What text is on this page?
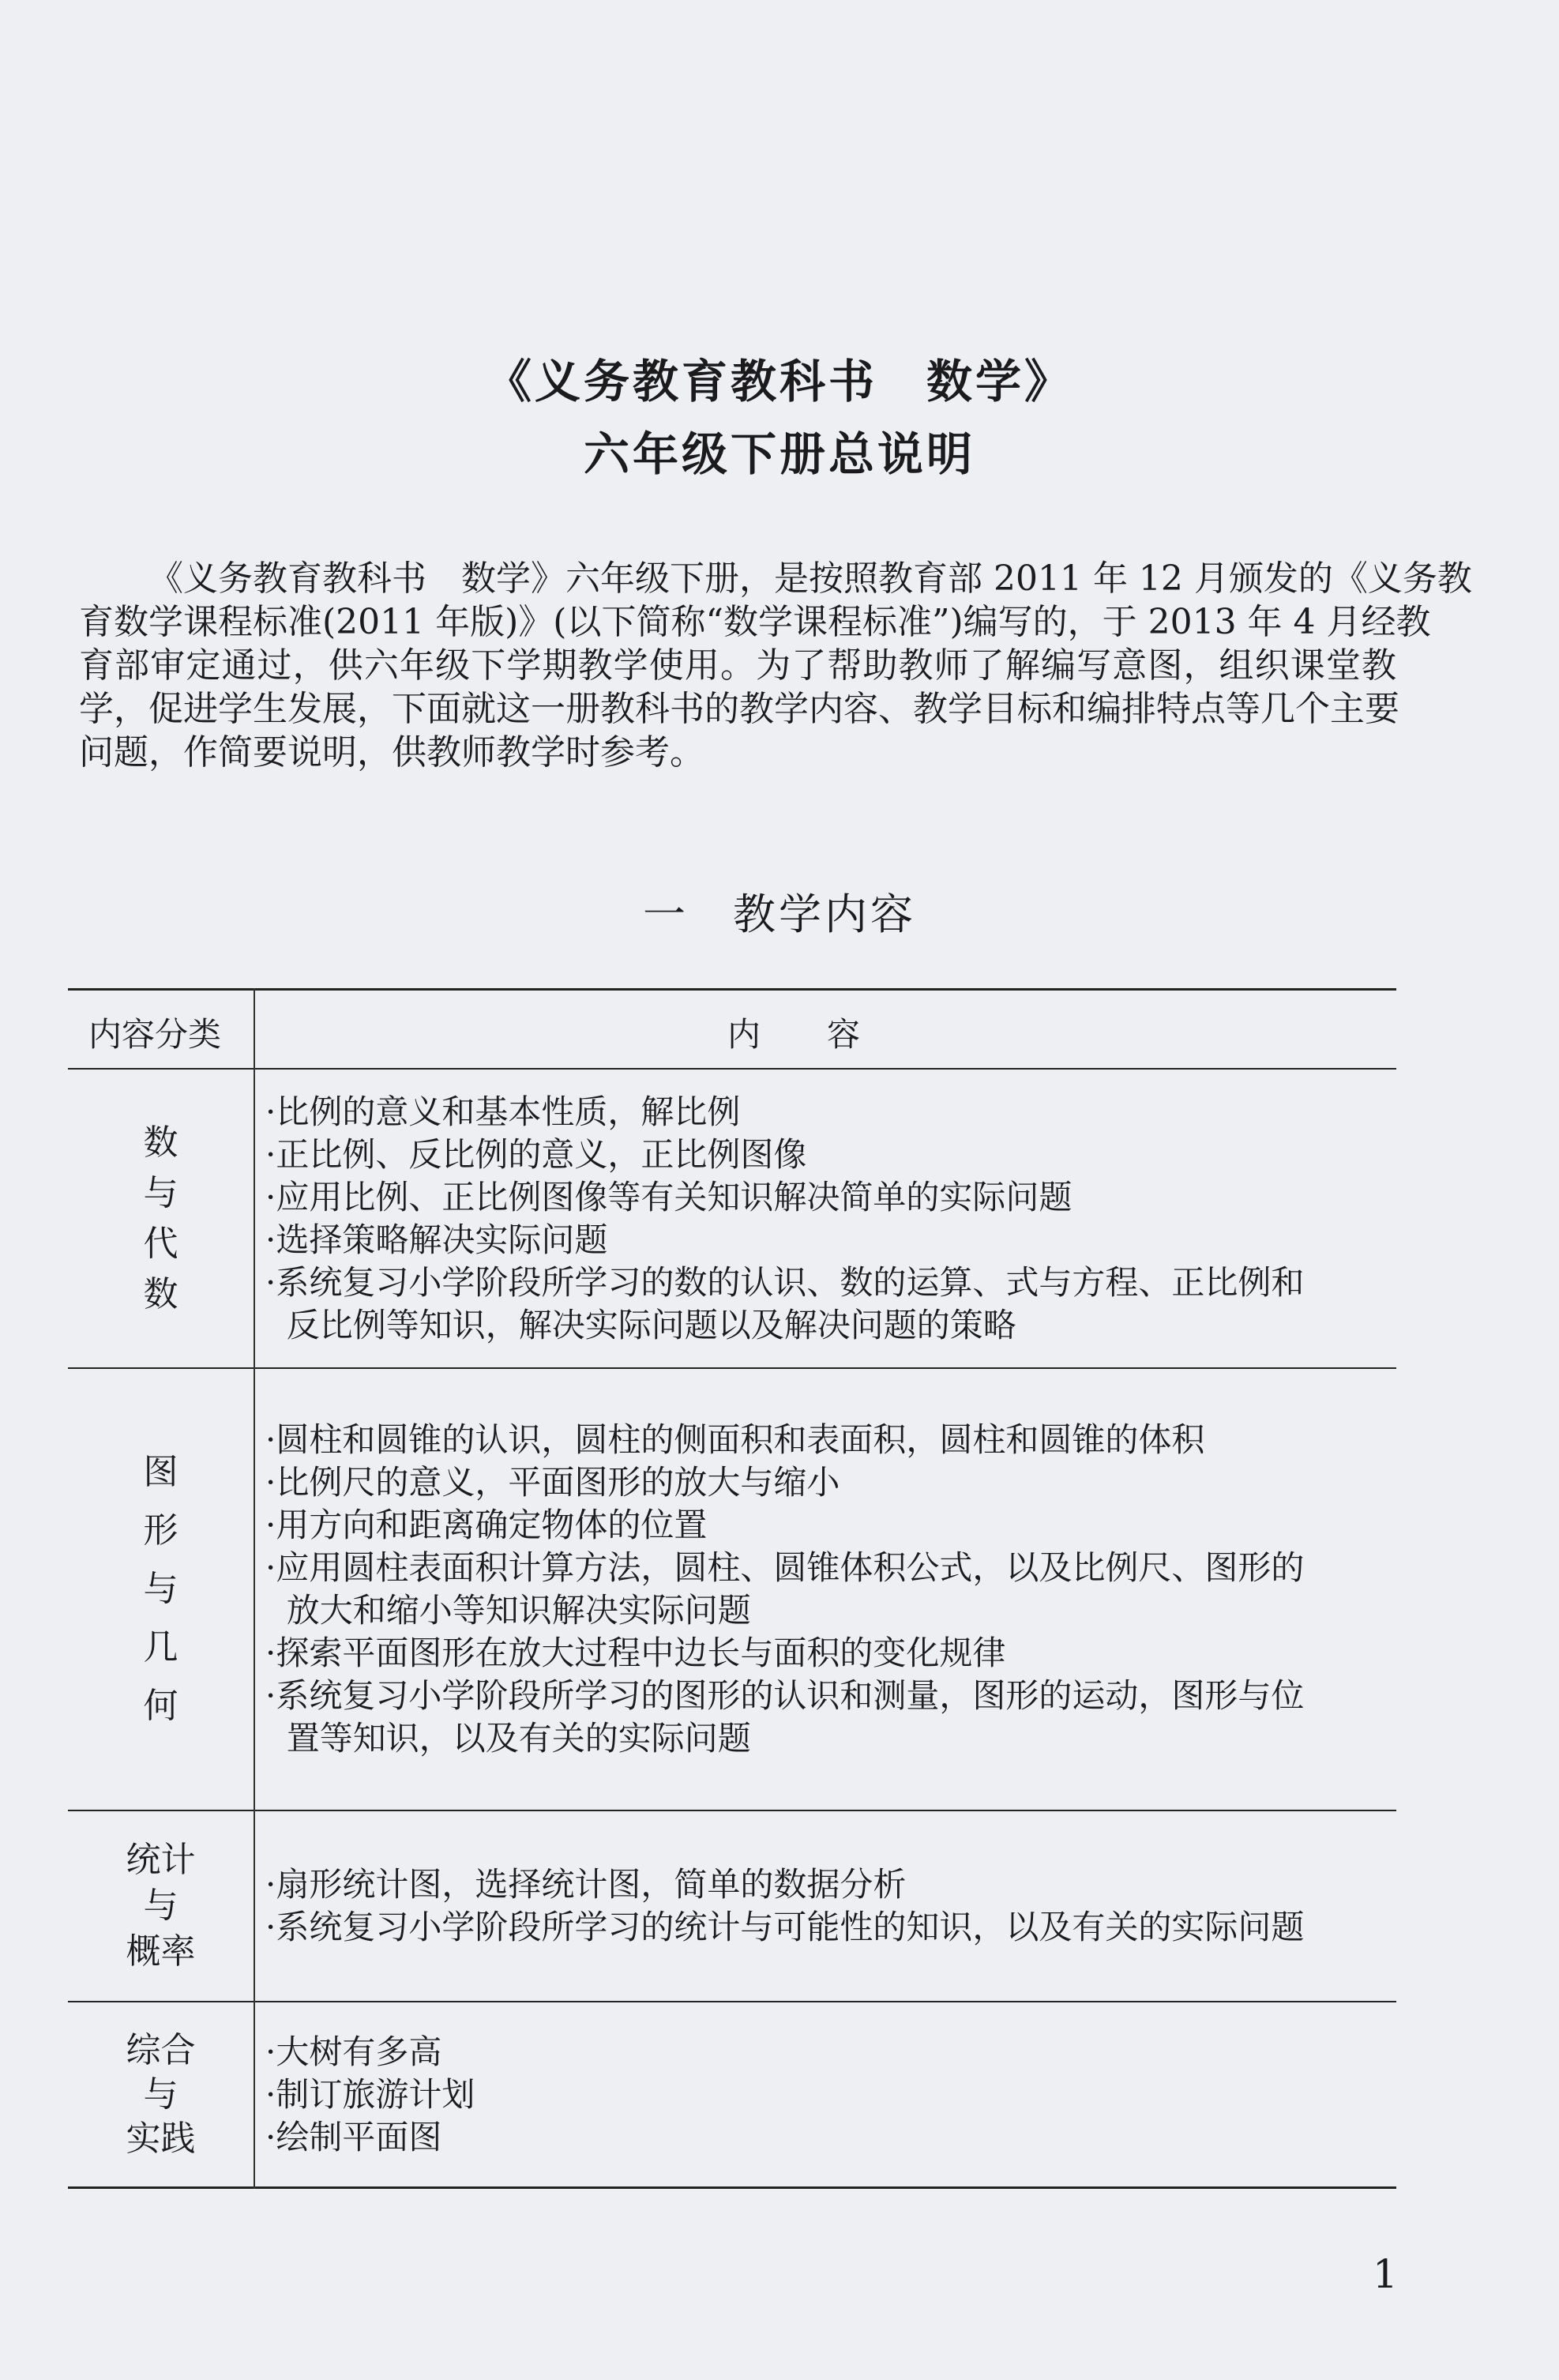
《义务教育教科书　数学》
六年级下册总说明
《义务教育教科书　数学》六年级下册，是按照教育部 2011 年 12 月颁发的《义务教
育数学课程标准(2011 年版)》(以下简称“数学课程标准”)编写的，于 2013 年 4 月经教
育部审定通过，供六年级下学期教学使用。为了帮助教师了解编写意图，组织课堂教
学，促进学生发展，下面就这一册教科书的教学内容、教学目标和编排特点等几个主要
问题，作简要说明，供教师教学时参考。
一 教学内容
内容分类	内　　容
数
与
代
数
·比例的意义和基本性质，解比例
·正比例、反比例的意义，正比例图像
·应用比例、正比例图像等有关知识解决简单的实际问题
·选择策略解决实际问题
·系统复习小学阶段所学习的数的认识、数的运算、式与方程、正比例和
反比例等知识，解决实际问题以及解决问题的策略
图
形
与
几
何
·圆柱和圆锥的认识，圆柱的侧面积和表面积，圆柱和圆锥的体积
·比例尺的意义，平面图形的放大与缩小
·用方向和距离确定物体的位置
·应用圆柱表面积计算方法，圆柱、圆锥体积公式，以及比例尺、图形的
放大和缩小等知识解决实际问题
·探索平面图形在放大过程中边长与面积的变化规律
·系统复习小学阶段所学习的图形的认识和测量，图形的运动，图形与位
置等知识，以及有关的实际问题
统计
与
概率
·扇形统计图，选择统计图，简单的数据分析
·系统复习小学阶段所学习的统计与可能性的知识，以及有关的实际问题
综合
与
实践
·大树有多高
·制订旅游计划
·绘制平面图
1
